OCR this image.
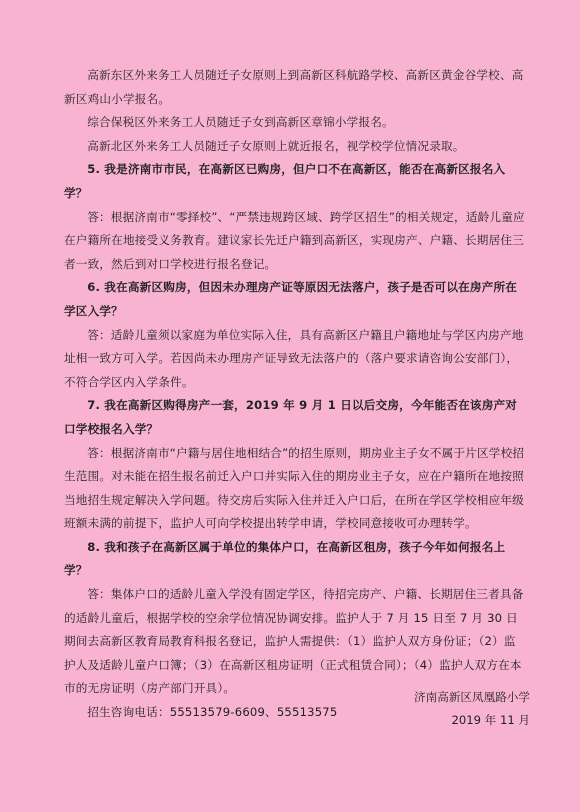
高新东区外来务工人员随迁子女原则上到高新区科航路学校、高新区黄金谷学校、高新区鸡山小学报名。

综合保税区外来务工人员随迁子女到高新区章锦小学报名。

高新北区外来务工人员随迁子女原则上就近报名，视学校学位情况录取。

5. 我是济南市市民，在高新区已购房，但户口不在高新区，能否在高新区报名入学？

答：根据济南市“零择校”、“严禁违规跨区域、跨学区招生”的相关规定，适龄儿童应在户籍所在地接受义务教育。建议家长先迁户籍到高新区，实现房产、户籍、长期居住三者一致，然后到对口学校进行报名登记。

6. 我在高新区购房，但因未办理房产证等原因无法落户，孩子是否可以在房产所在学区入学？

答：适龄儿童须以家庭为单位实际入住，具有高新区户籍且户籍地址与学区内房产地址相一致方可入学。若因尚未办理房产证导致无法落户的（落户要求请咨询公安部门），不符合学区内入学条件。

7. 我在高新区购得房产一套，2019 年 9 月 1 日以后交房，今年能否在该房产对口学校报名入学？

答：根据济南市“户籍与居住地相结合”的招生原则，期房业主子女不属于片区学校招生范围。对未能在招生报名前迁入户口并实际入住的期房业主子女，应在户籍所在地按照当地招生规定解决入学问题。待交房后实际入住并迁入户口后，在所在学区学校相应年级班额未满的前提下，监护人可向学校提出转学申请，学校同意接收可办理转学。

8. 我和孩子在高新区属于单位的集体户口，在高新区租房，孩子今年如何报名上学？

答：集体户口的适龄儿童入学没有固定学区，待招完房产、户籍、长期居住三者具备的适龄儿童后，根据学校的空余学位情况协调安排。监护人于 7 月 15 日至 7 月 30 日期间去高新区教育局教育科报名登记，监护人需提供：（1）监护人双方身份证；（2）监护人及适龄儿童户口簿；（3）在高新区租房证明（正式租赁合同）；（4）监护人双方在本市的无房证明（房产部门开具）。

招生咨询电话：55513579-6609、55513575

济南高新区凤凰路小学
2019 年 11 月
